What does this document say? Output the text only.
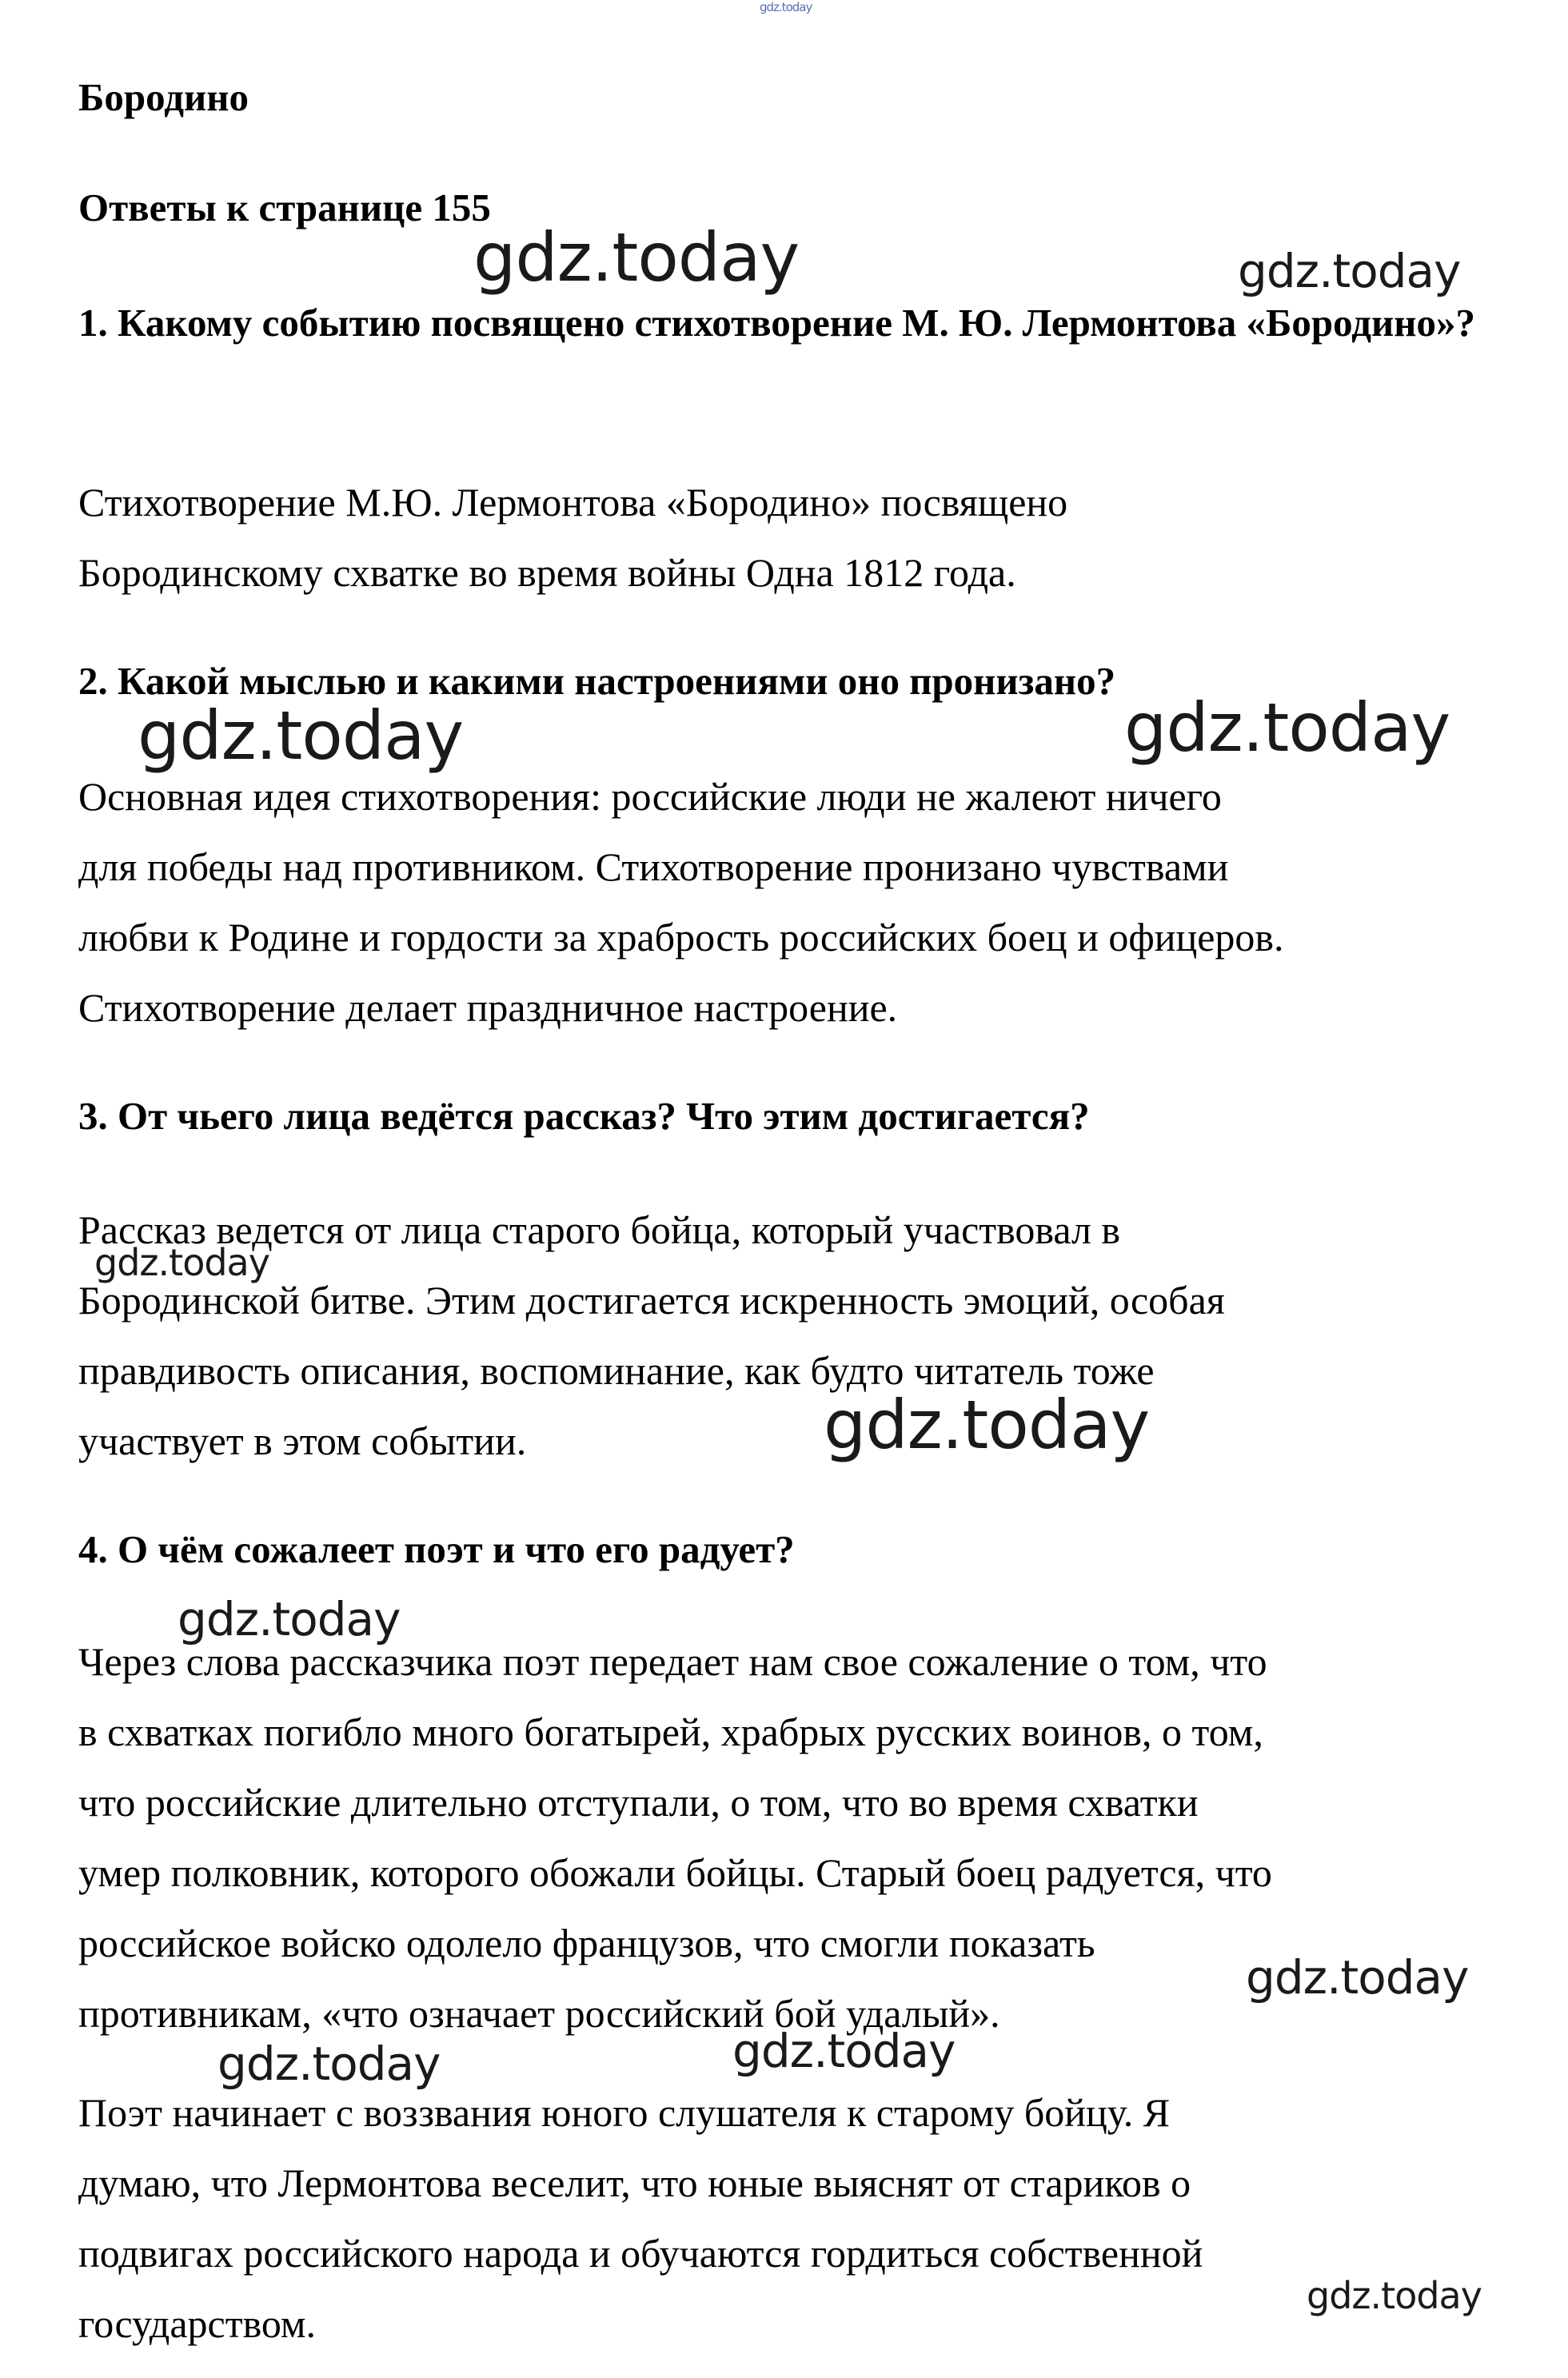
gdz.today
Бородино
Ответы к странице 155
1. Какому событию посвящено стихотворение М. Ю. Лермонтова «Бородино»?

Стихотворение М.Ю. Лермонтова «Бородино» посвящено

Бородинскому схватке во время войны Одна 1812 года.

2. Какой мыслью и какими настроениями оно пронизано?

Основная идея стихотворения: российские люди не жалеют ничего

для победы над противником. Стихотворение пронизано чувствами

любви к Родине и гордости за храбрость российских боец и офицеров.

Стихотворение делает праздничное настроение.

3. От чьего лица ведётся рассказ? Что этим достигается?

Рассказ ведется от лица старого бойца, который участвовал в

Бородинской битве. Этим достигается искренность эмоций, особая

правдивость описания, воспоминание, как будто читатель тоже

участвует в этом событии.

4. О чём сожалеет поэт и что его радует?

Через слова рассказчика поэт передает нам свое сожаление о том, что

в схватках погибло много богатырей, храбрых русских воинов, о том,

что российские длительно отступали, о том, что во время схватки

умер полковник, которого обожали бойцы. Старый боец радуется, что

российское войско одолело французов, что смогли показать

противникам, «что означает российский бой удалый».

Поэт начинает с воззвания юного слушателя к старому бойцу. Я

думаю, что Лермонтова веселит, что юные выяснят от стариков о

подвигах российского народа и обучаются гордиться собственной

государством.

gdz.today	gdz.today
gdz.today	gdz.today
gdz.today
gdz.today
gdz.today
gdz.today
gdz.today	gdz.today
gdz.today
